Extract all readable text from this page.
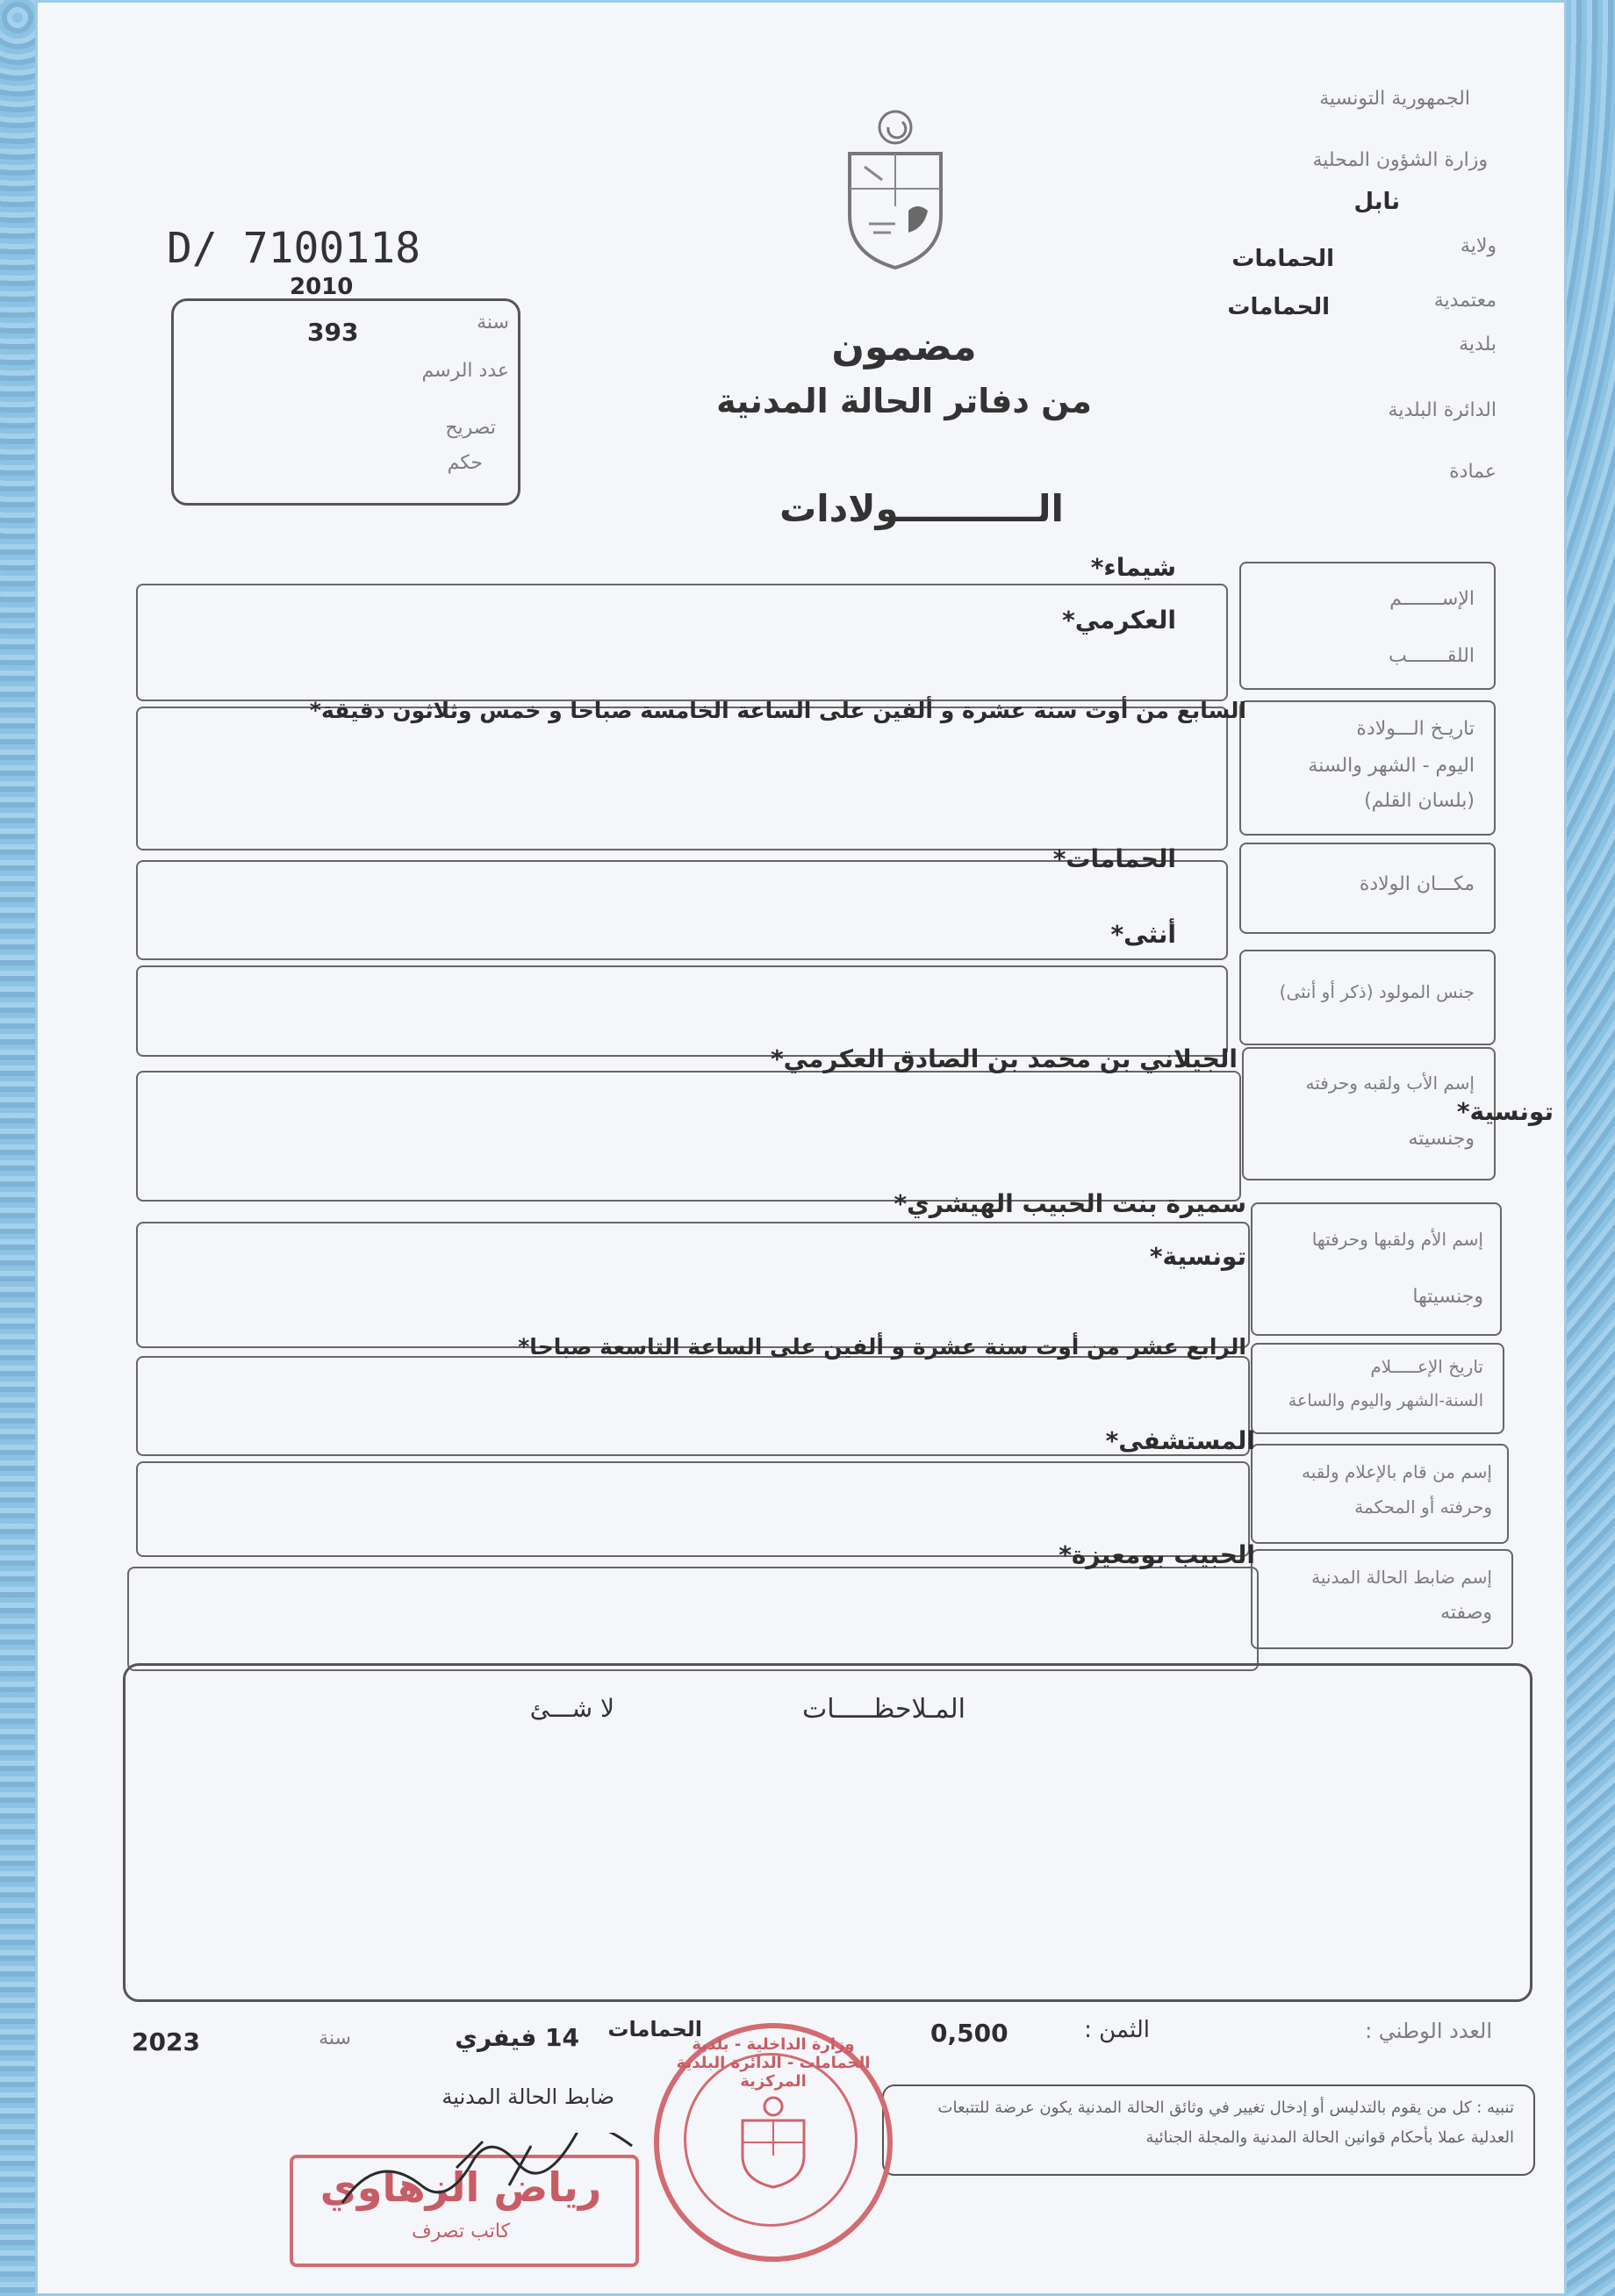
الجمهورية التونسية
وزارة الشؤون المحلية
نابل
ولاية
الحمامات
معتمدية
الحمامات
بلدية
الدائرة البلدية
عمادة
D/ 7100118
2010
سنة
393
عدد الرسم
تصريح
حكم
مضمون
من دفاتر الحالة المدنية
الـــــــــــولادات
الإســـــــم
اللقـــــــب
شيماء*
العكرمي*
تاريـخ الـــولادة
اليوم - الشهر والسنة
(بلسان القلم)
السابع من أوت سنة عشرة و ألفين على الساعة الخامسة صباحا و خمس وثلاثون دقيقة*
مكـــان الولادة
الحمامات*
جنس المولود (ذكر أو أنثى)
أنثى*
إسم الأب ولقبه وحرفته
وجنسيته
الجيلاني بن محمد بن الصادق العكرمي*
تونسية*
إسم الأم ولقبها وحرفتها
وجنسيتها
سميرة بنت الحبيب الهيشري*
تونسية*
تاريخ الإعـــــلام
السنة-الشهر واليوم والساعة
الرابع عشر من أوت سنة عشرة و ألفين على الساعة التاسعة صباحا*
إسم من قام بالإعلام ولقبه
وحرفته أو المحكمة
المستشفى*
إسم ضابط الحالة المدنية
وصفته
الحبيب بومعيزة*
المـلاحظـــــات
لا شـــئ
العدد الوطني :
الثمن :
0,500
الحمامات
14 فيفري
سنة
2023
ضابط الحالة المدنية	تنبيه : كل من يقوم بالتدليس أو إدخال تغيير في وثائق الحالة المدنية يكون عرضة للتتبعات العدلية عملا بأحكام قوانين الحالة المدنية والمجلة الجنائية
رياض الزهاوي
كاتب تصرف
وزارة الداخلية - بلدية الحمامات - الدائرة البلدية المركزية
